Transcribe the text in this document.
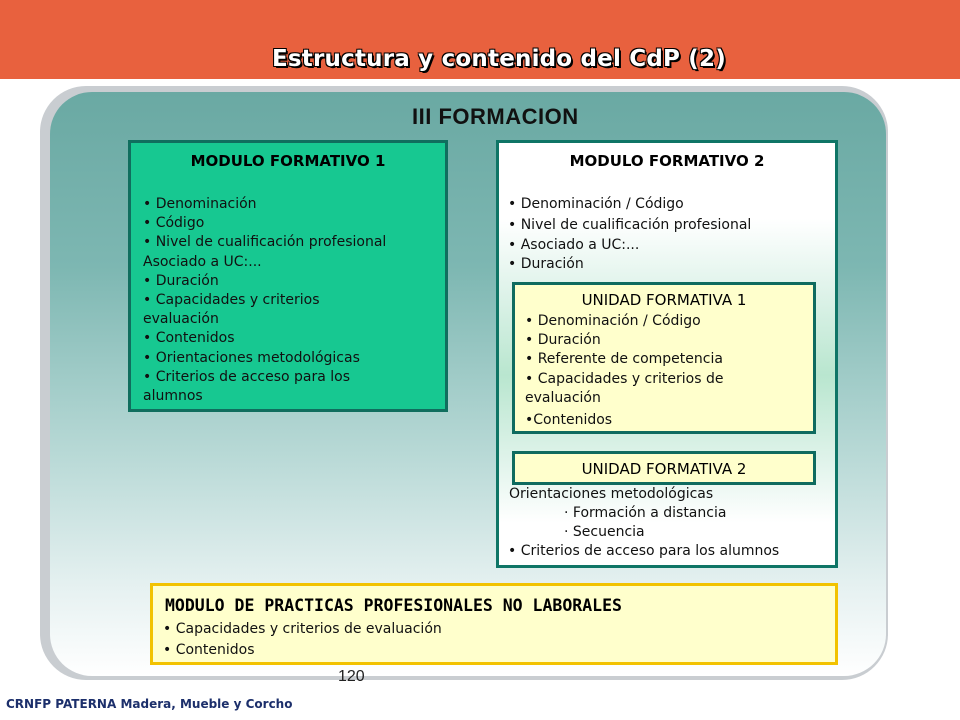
Estructura y contenido del CdP (2)
III FORMACION
MODULO FORMATIVO 1
• Denominación
• Código
• Nivel de cualificación profesional
Asociado a UC:...
• Duración
• Capacidades y criterios
evaluación
• Contenidos
• Orientaciones metodológicas
• Criterios de acceso para los
alumnos
MODULO FORMATIVO 2
• Denominación / Código
• Nivel de cualificación profesional
• Asociado a UC:...
• Duración
UNIDAD FORMATIVA 1
• Denominación / Código
• Duración
• Referente de competencia
• Capacidades y criterios de
evaluación
•Contenidos
UNIDAD FORMATIVA 2
Orientaciones metodológicas
· Formación a distancia
· Secuencia
• Criterios de acceso para los alumnos
MODULO DE PRACTICAS PROFESIONALES NO LABORALES
• Capacidades y criterios de evaluación
• Contenidos
120
CRNFP PATERNA Madera, Mueble y Corcho
